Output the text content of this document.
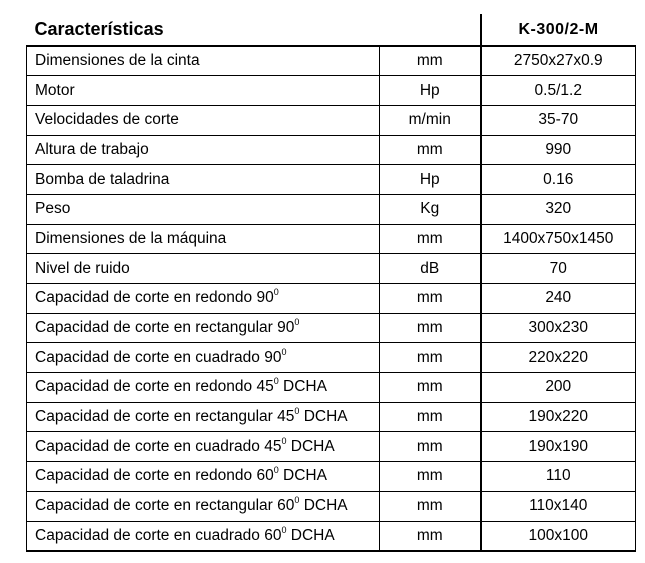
Características		K-300/2-M
Dimensiones de la cinta	mm	2750x27x0.9
Motor	Hp	0.5/1.2
Velocidades de corte	m/min	35-70
Altura de trabajo	mm	990
Bomba de taladrina	Hp	0.16
Peso	Kg	320
Dimensiones de la máquina	mm	1400x750x1450
Nivel de ruido	dB	70
Capacidad de corte en redondo $90^0$	mm	240
Capacidad de corte en rectangular $90^0$	mm	300x230
Capacidad de corte en cuadrado $90^0$	mm	220x220
Capacidad de corte en redondo $45^0$ DCHA	mm	200
Capacidad de corte en rectangular $45^0$ DCHA	mm	190x220
Capacidad de corte en cuadrado $45^0$ DCHA	mm	190x190
Capacidad de corte en redondo $60^0$ DCHA	mm	110
Capacidad de corte en rectangular $60^0$ DCHA	mm	110x140
Capacidad de corte en cuadrado $60^0$ DCHA	mm	100x100
